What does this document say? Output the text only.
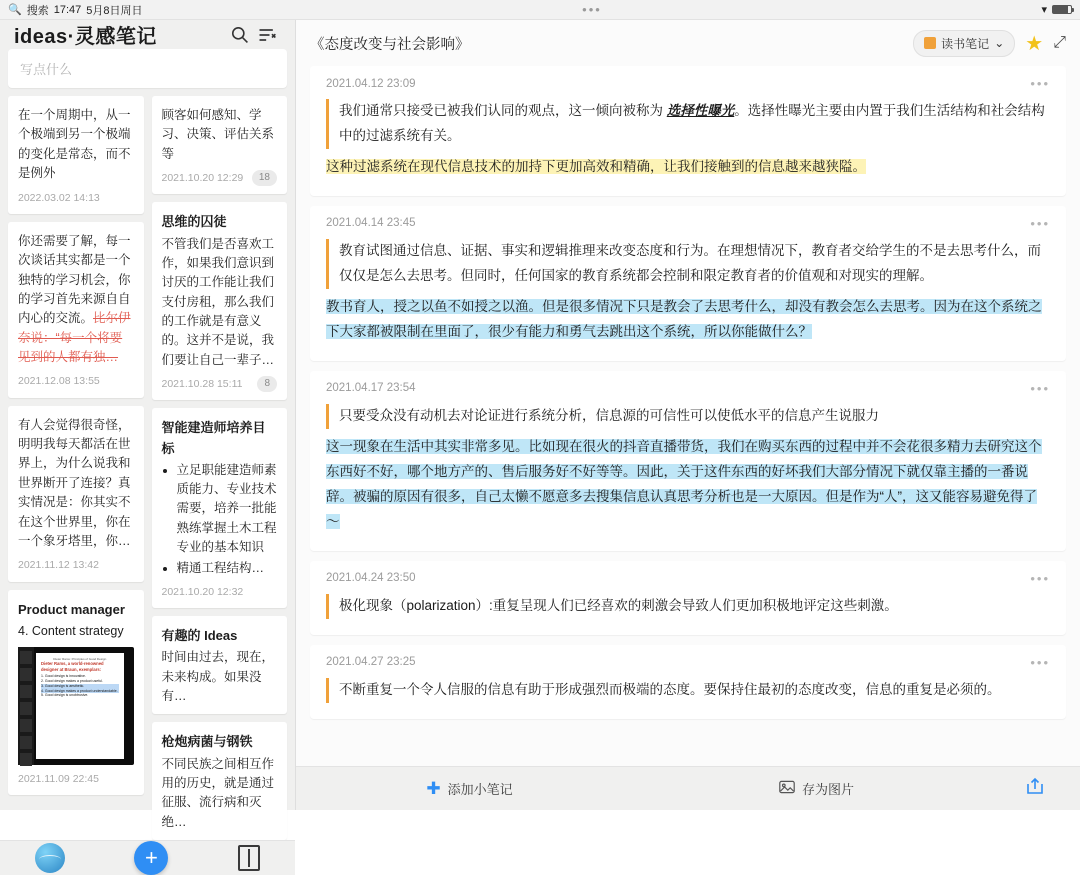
🔍 搜索 17:47 5月8日周日	•••	▾
ideas·灵感笔记
写点什么
在一个周期中，从一个极端到另一个极端的变化是常态，而不是例外
2022.03.02 14:13
你还需要了解，每一次谈话其实都是一个独特的学习机会，你的学习首先来源自自内心的交流。比尔伊奈说：“每一个将要见到的人都有独…
2021.12.08 13:55
有人会觉得很奇怪，明明我每天都活在世界上，为什么说我和世界断开了连接？真实情况是：你其实不在这个世界里，你在一个象牙塔里，你…
2021.11.12 13:42
Product manager
4. Content strategy
Dieter Rams: Principles of Good Design
Dieter Rams, a world-renowned designer at Braun, exemplars:
1. Good design is innovative.
2. Good design makes a product useful.
3. Good design is aesthetic.
4. Good design makes a product understandable.
5. Good design is unobtrusive.
2021.11.09 22:45
顾客如何感知、学习、决策、评估关系等
2021.10.20 12:29	18
思维的囚徒
不管我们是否喜欢工作，如果我们意识到讨厌的工作能让我们支付房租，那么我们的工作就是有意义的。这并不是说，我们要让自己一辈子…
2021.10.28 15:11	8
智能建造师培养目标
• 立足职能建造师素质能力、专业技术需要，培养一批能熟练掌握土木工程专业的基本知识
• 精通工程结构…
2021.10.20 12:32
有趣的 Ideas
时间由过去，现在，未来构成。如果没有…
枪炮病菌与钢铁
不同民族之间相互作用的历史，就是通过征服、流行病和灭绝…
+
《态度改变与社会影响》	读书笔记 ⌄ ★ ⤢
2021.04.12 23:09	•••
我们通常只接受已被我们认同的观点，这一倾向被称为 选择性曝光。选择性曝光主要由内置于我们生活结构和社会结构中的过滤系统有关。
这种过滤系统在现代信息技术的加持下更加高效和精确，让我们接触到的信息越来越狭隘。
2021.04.14 23:45	•••
教育试图通过信息、证据、事实和逻辑推理来改变态度和行为。在理想情况下，教育者交给学生的不是去思考什么，而仅仅是怎么去思考。但同时，任何国家的教育系统都会控制和限定教育者的价值观和对现实的理解。
教书育人，授之以鱼不如授之以渔。但是很多情况下只是教会了去思考什么，却没有教会怎么去思考。因为在这个系统之下大家都被限制在里面了，很少有能力和勇气去跳出这个系统，所以你能做什么？
2021.04.17 23:54	•••
只要受众没有动机去对论证进行系统分析，信息源的可信性可以使低水平的信息产生说服力
这一现象在生活中其实非常多见。比如现在很火的抖音直播带货，我们在购买东西的过程中并不会花很多精力去研究这个东西好不好，哪个地方产的、售后服务好不好等等。因此，关于这件东西的好坏我们大部分情况下就仅靠主播的一番说辞。被骗的原因有很多，自己太懒不愿意多去搜集信息认真思考分析也是一大原因。但是作为“人”，这又能容易避免得了～
2021.04.24 23:50	•••
极化现象（polarization）:重复呈现人们已经喜欢的刺激会导致人们更加积极地评定这些刺激。
2021.04.27 23:25	•••
不断重复一个令人信服的信息有助于形成强烈而极端的态度。要保持住最初的态度改变，信息的重复是必须的。
✚ 添加小笔记	存为图片
